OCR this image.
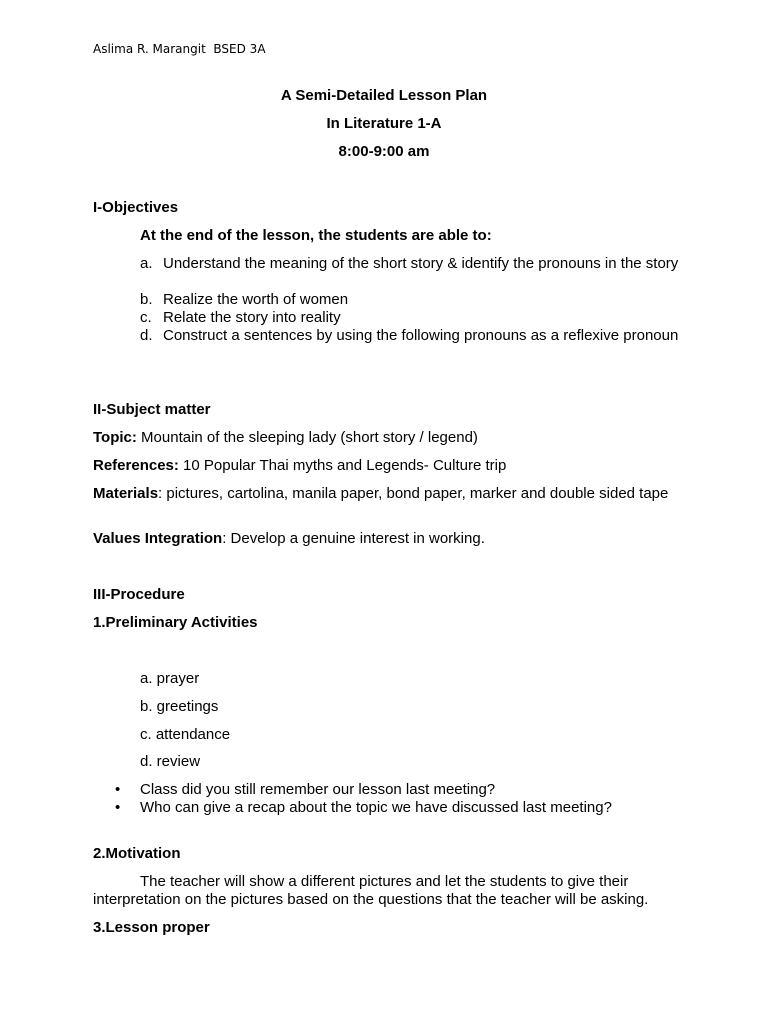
Aslima R. Marangit  BSED 3A
A Semi-Detailed Lesson Plan
In Literature 1-A
8:00-9:00 am
I-Objectives
At the end of the lesson, the students are able to:
a. Understand the meaning of the short story & identify the pronouns in the story
b. Realize the worth of women
c. Relate the story into reality
d. Construct a sentences by using the following pronouns as a reflexive pronoun
II-Subject matter
Topic: Mountain of the sleeping lady (short story / legend)
References: 10 Popular Thai myths and Legends- Culture trip
Materials: pictures, cartolina, manila paper, bond paper, marker and double sided tape
Values Integration: Develop a genuine interest in working.
III-Procedure
1.Preliminary Activities
a. prayer
b. greetings
c. attendance
d. review
• Class did you still remember our lesson last meeting?
• Who can give a recap about the topic we have discussed last meeting?
2.Motivation
The teacher will show a different pictures and let the students to give their interpretation on the pictures based on the questions that the teacher will be asking.
3.Lesson proper
